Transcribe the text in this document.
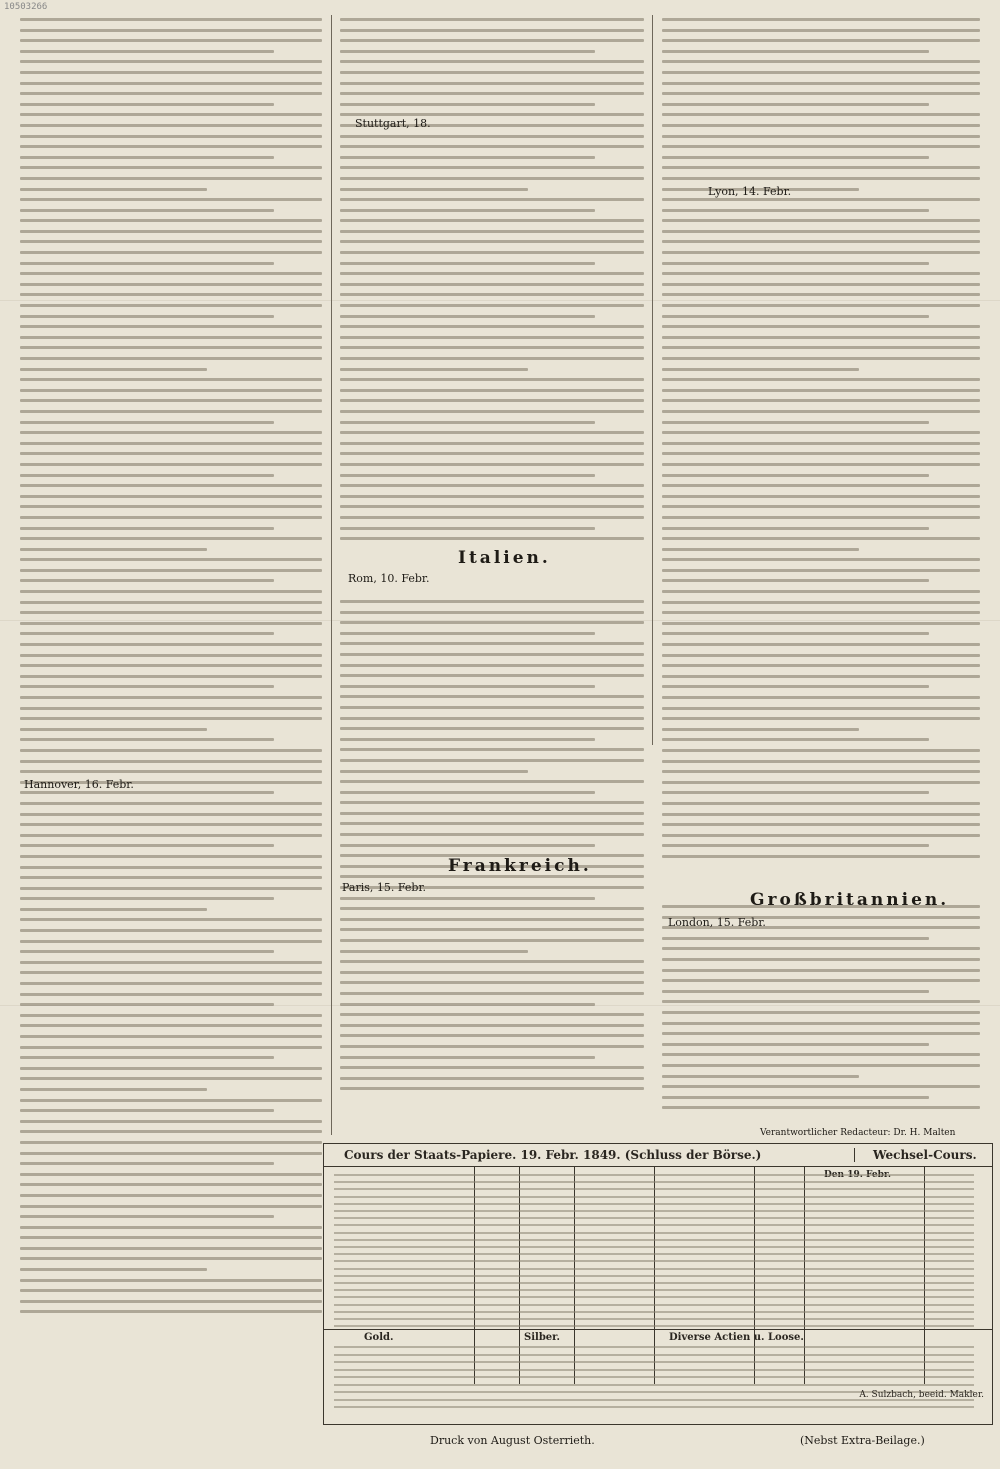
10503266
Stuttgart, 18.
Rom, 10. Febr.
Paris, 15. Febr.
Lyon, 14. Febr.
London, 15. Febr.
Hannover, 16. Febr.
Italien.
Frankreich.
Großbritannien.
Verantwortlicher Redacteur: Dr. H. Malten
Cours der Staats-Papiere. 19. Febr. 1849. (Schluss der Börse.)	Wechsel-Cours.
Gold.	Silber.	Diverse Actien u. Loose.
A. Sulzbach, beeid. Makler.
Druck von August Osterrieth.	(Nebst Extra-Beilage.)
